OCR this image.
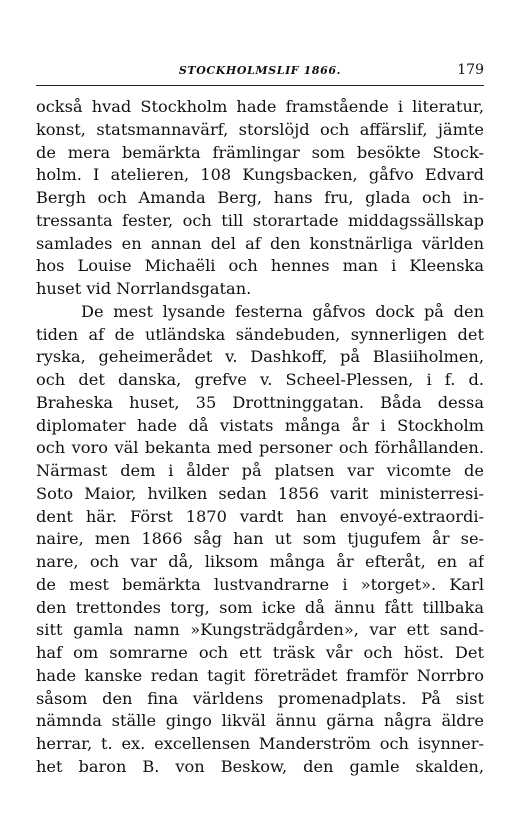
STOCKHOLMSLIF 1866.	179
också hvad Stockholm hade framstående i literatur,
konst, statsmannavärf, storslöjd och affärslif, jämte
de mera bemärkta främlingar som besökte Stock-
holm. I atelieren, 108 Kungsbacken, gåfvo Edvard
Bergh och Amanda Berg, hans fru, glada och in-
tressanta fester, och till storartade middagssällskap
samlades en annan del af den konstnärliga världen
hos Louise Michaëli och hennes man i Kleenska
huset vid Norrlandsgatan.
De mest lysande festerna gåfvos dock på den
tiden af de utländska sändebuden, synnerligen det
ryska, geheimerådet v. Dashkoff, på Blasiiholmen,
och det danska, grefve v. Scheel-Plessen, i f. d.
Braheska huset, 35 Drottninggatan. Båda dessa
diplomater hade då vistats många år i Stockholm
och voro väl bekanta med personer och förhållanden.
Närmast dem i ålder på platsen var vicomte de
Soto Maior, hvilken sedan 1856 varit ministerresi-
dent här. Först 1870 vardt han envoyé-extraordi-
naire, men 1866 såg han ut som tjugufem år se-
nare, och var då, liksom många år efteråt, en af
de mest bemärkta lustvandrarne i »torget». Karl
den trettondes torg, som icke då ännu fått tillbaka
sitt gamla namn »Kungsträdgården», var ett sand-
haf om somrarne och ett träsk vår och höst. Det
hade kanske redan tagit företrädet framför Norrbro
såsom den fina världens promenadplats. På sist
nämnda ställe gingo likväl ännu gärna några äldre
herrar, t. ex. excellensen Manderström och isynner-
het baron B. von Beskow, den gamle skalden,
